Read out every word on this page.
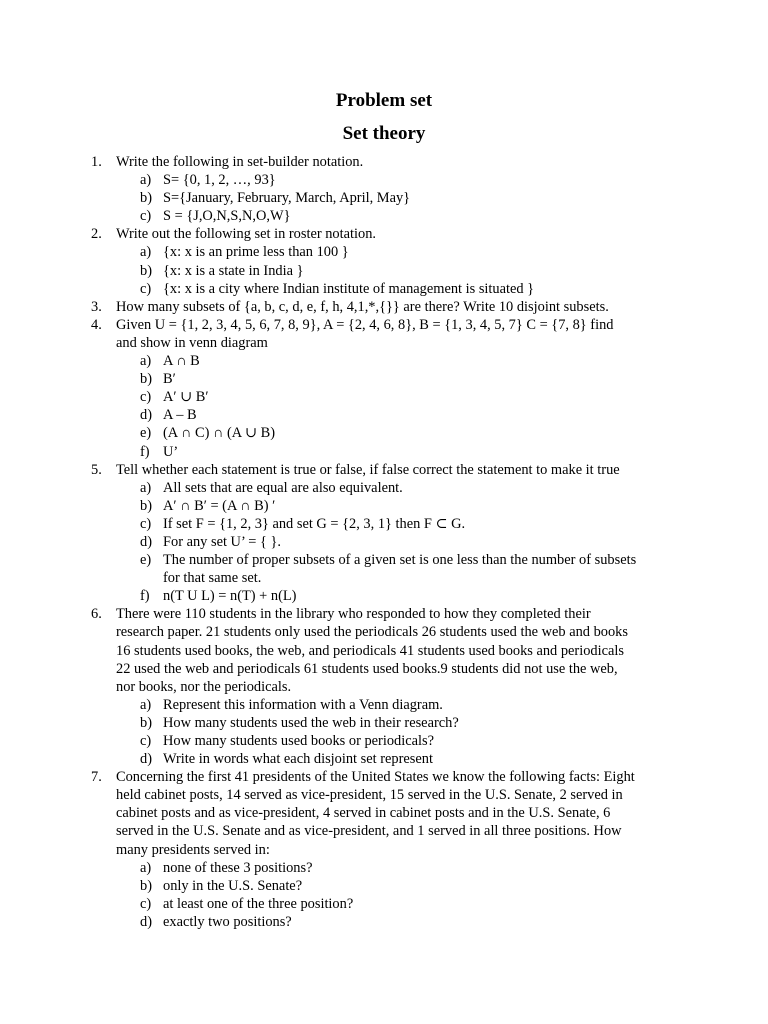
Problem set
Set theory
1. Write the following in set-builder notation.
a) S= {0, 1, 2, …, 93}
b) S={January, February, March, April, May}
c) S = {J,O,N,S,N,O,W}
2. Write out the following set in roster notation.
a) {x: x is an prime less than 100 }
b) {x: x is a state in India }
c) {x: x is a city where Indian institute of management is situated }
3. How many subsets of {a, b, c, d, e, f, h, 4,1,*,{}} are there? Write 10 disjoint subsets.
4. Given U = {1, 2, 3, 4, 5, 6, 7, 8, 9}, A = {2, 4, 6, 8}, B = {1, 3, 4, 5, 7} C = {7, 8} find
and show in venn diagram
a) A ∩ B
b) B′
c) A′ ∪ B′
d) A – B
e) (A ∩ C) ∩ (A ∪ B)
f) U’
5. Tell whether each statement is true or false, if false correct the statement to make it true
a) All sets that are equal are also equivalent.
b) A′ ∩ B′ = (A ∩ B) ′
c) If set F = {1, 2, 3} and set G = {2, 3, 1} then F ⊂ G.
d) For any set U’ = { }.
e) The number of proper subsets of a given set is one less than the number of subsets
for that same set.
f) n(T U L) = n(T) + n(L)
6. There were 110 students in the library who responded to how they completed their
research paper. 21 students only used the periodicals 26 students used the web and books
16 students used books, the web, and periodicals 41 students used books and periodicals
22 used the web and periodicals 61 students used books.9 students did not use the web,
nor books, nor the periodicals.
a) Represent this information with a Venn diagram.
b) How many students used the web in their research?
c) How many students used books or periodicals?
d) Write in words what each disjoint set represent
7. Concerning the first 41 presidents of the United States we know the following facts: Eight
held cabinet posts, 14 served as vice-president, 15 served in the U.S. Senate, 2 served in
cabinet posts and as vice-president, 4 served in cabinet posts and in the U.S. Senate, 6
served in the U.S. Senate and as vice-president, and 1 served in all three positions. How
many presidents served in:
a) none of these 3 positions?
b) only in the U.S. Senate?
c) at least one of the three position?
d) exactly two positions?
